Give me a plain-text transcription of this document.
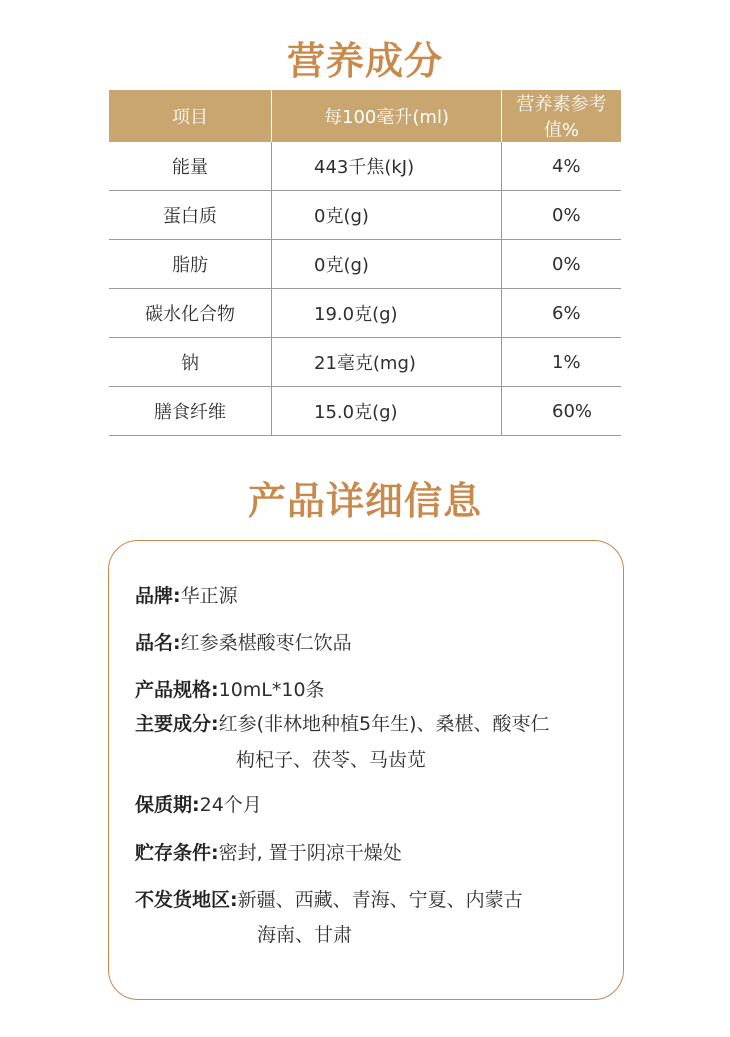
营养成分
项目	每100毫升(ml)	营养素参考值%
能量	443千焦(kJ)	4%
蛋白质	0克(g)	0%
脂肪	0克(g)	0%
碳水化合物	19.0克(g)	6%
钠	21毫克(mg)	1%
膳食纤维	15.0克(g)	60%
产品详细信息
品牌:华正源
品名:红参桑椹酸枣仁饮品
产品规格:10mL*10条
主要成分:红参(非林地种植5年生)、桑椹、酸枣仁
枸杞子、茯苓、马齿苋
保质期:24个月
贮存条件:密封, 置于阴凉干燥处
不发货地区:新疆、西藏、青海、宁夏、内蒙古
海南、甘肃
